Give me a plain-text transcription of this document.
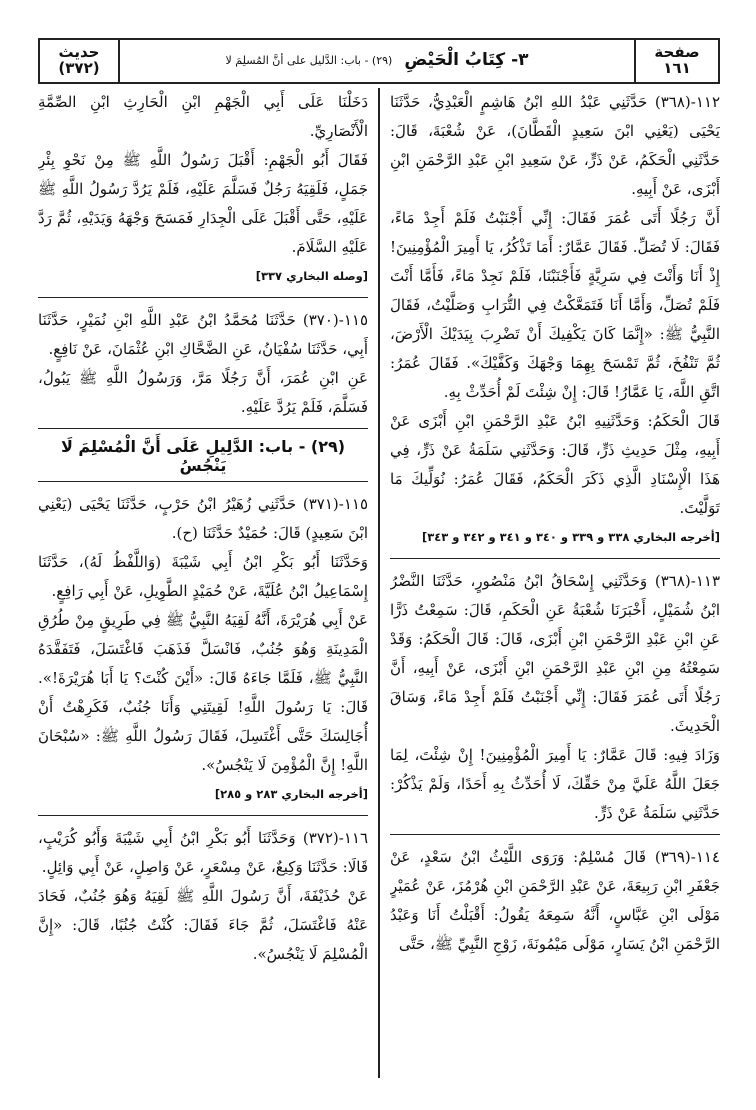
صفحة
١٦١
٣- كِتَابُ الْحَيْضِ
(٢٩) - باب: الدَّليل على أنَّ المُسلِمَ لا
حديث
(٣٧٢)

١١٢-(٣٦٨) حَدَّثَنِي عَبْدُ اللهِ ابْنُ هَاشِمٍ الْعَبْدِيُّ، حَدَّثَنَا يَحْيَى (يَعْنِي ابْنَ سَعِيدٍ الْقَطَّانَ)، عَنْ شُعْبَةَ، قَالَ: حَدَّثَنِي الْحَكَمُ، عَنْ ذَرٍّ، عَنْ سَعِيدِ ابْنِ عَبْدِ الرَّحْمَنِ ابْنِ أَبْزَى، عَنْ أَبِيهِ.

أَنَّ رَجُلًا أَتَى عُمَرَ فَقَالَ: إِنِّي أَجْنَبْتُ فَلَمْ أَجِدْ مَاءً، فَقَالَ: لَا تُصَلِّ. فَقَالَ عَمَّارٌ: أَمَا تَذْكُرُ، يَا أَمِيرَ الْمُؤْمِنِينَ! إِذْ أَنَا وَأَنْتَ فِي سَرِيَّةٍ فَأَجْنَبْنَا، فَلَمْ نَجِدْ مَاءً، فَأَمَّا أَنْتَ فَلَمْ تُصَلِّ، وَأَمَّا أَنَا فَتَمَعَّكْتُ فِي التُّرَابِ وَصَلَّيْتُ، فَقَالَ النَّبِيُّ ﷺ: «إِنَّمَا كَانَ يَكْفِيكَ أَنْ تَضْرِبَ بِيَدَيْكَ الْأَرْضَ، ثُمَّ تَنْفُخَ، ثُمَّ تَمْسَحَ بِهِمَا وَجْهَكَ وَكَفَّيْكَ». فَقَالَ عُمَرُ: اتَّقِ اللَّهَ، يَا عَمَّارُ! قَالَ: إِنْ شِئْتَ لَمْ أُحَدِّثْ بِهِ.

قَالَ الْحَكَمُ: وَحَدَّثَنِيهِ ابْنُ عَبْدِ الرَّحْمَنِ ابْنِ أَبْزَى عَنْ أَبِيهِ، مِثْلَ حَدِيثِ ذَرٍّ، قَالَ: وَحَدَّثَنِي سَلَمَةُ عَنْ ذَرٍّ، فِي هَذَا الْإِسْنَادِ الَّذِي ذَكَرَ الْحَكَمُ، فَقَالَ عُمَرُ: نُوَلِّيكَ مَا تَوَلَّيْتَ.

[أخرجه البخاري ٣٣٨ و ٣٣٩ و ٣٤٠ و ٣٤١ و ٣٤٢ و ٣٤٣]

١١٣-(٣٦٨) وَحَدَّثَنِي إِسْحَاقُ ابْنُ مَنْصُورٍ، حَدَّثَنَا النَّضْرُ ابْنُ شُمَيْلٍ، أَخْبَرَنَا شُعْبَةُ عَنِ الْحَكَمِ، قَالَ: سَمِعْتُ ذَرًّا عَنِ ابْنِ عَبْدِ الرَّحْمَنِ ابْنِ أَبْزَى، قَالَ: قَالَ الْحَكَمُ: وَقَدْ سَمِعْتُهُ مِنِ ابْنِ عَبْدِ الرَّحْمَنِ ابْنِ أَبْزَى، عَنْ أَبِيهِ، أَنَّ رَجُلًا أَتَى عُمَرَ فَقَالَ: إِنِّي أَجْنَبْتُ فَلَمْ أَجِدْ مَاءً، وَسَاقَ الْحَدِيثَ.

وَزَادَ فِيهِ: قَالَ عَمَّارٌ: يَا أَمِيرَ الْمُؤْمِنِينَ! إِنْ شِئْتَ، لِمَا جَعَلَ اللَّهُ عَلَيَّ مِنْ حَقِّكَ، لَا أُحَدِّثُ بِهِ أَحَدًا، وَلَمْ يَذْكُرْ: حَدَّثَنِي سَلَمَةُ عَنْ ذَرٍّ.

١١٤-(٣٦٩) قَالَ مُسْلِمٌ: وَرَوَى اللَّيْثُ ابْنُ سَعْدٍ، عَنْ جَعْفَرِ ابْنِ رَبِيعَةَ، عَنْ عَبْدِ الرَّحْمَنِ ابْنِ هُرْمُزَ، عَنْ عُمَيْرٍ مَوْلَى ابْنِ عَبَّاسٍ، أَنَّهُ سَمِعَهُ يَقُولُ: أَقْبَلْتُ أَنَا وَعَبْدُ الرَّحْمَنِ ابْنُ يَسَارٍ، مَوْلَى مَيْمُونَةَ، زَوْجِ النَّبِيِّ ﷺ، حَتَّى

دَخَلْنَا عَلَى أَبِي الْجَهْمِ ابْنِ الْحَارِثِ ابْنِ الصِّمَّةِ الْأَنْصَارِيِّ.

فَقَالَ أَبُو الْجَهْمِ: أَقْبَلَ رَسُولُ اللَّهِ ﷺ مِنْ نَحْوِ بِئْرِ جَمَلٍ، فَلَقِيَهُ رَجُلٌ فَسَلَّمَ عَلَيْهِ، فَلَمْ يَرُدَّ رَسُولُ اللَّهِ ﷺ عَلَيْهِ، حَتَّى أَقْبَلَ عَلَى الْجِدَارِ فَمَسَحَ وَجْهَهُ وَيَدَيْهِ، ثُمَّ رَدَّ عَلَيْهِ السَّلَامَ.

[وصله البخاري ٣٣٧]

١١٥-(٣٧٠) حَدَّثَنَا مُحَمَّدُ ابْنُ عَبْدِ اللَّهِ ابْنِ نُمَيْرٍ، حَدَّثَنَا أَبِي، حَدَّثَنَا سُفْيَانُ، عَنِ الضَّحَّاكِ ابْنِ عُثْمَانَ، عَنْ نَافِعٍ.

عَنِ ابْنِ عُمَرَ، أَنَّ رَجُلًا مَرَّ، وَرَسُولُ اللَّهِ ﷺ يَبُولُ، فَسَلَّمَ، فَلَمْ يَرُدَّ عَلَيْهِ.

(٢٩) - باب: الدَّلِيلِ عَلَى أَنَّ الْمُسْلِمَ لَا يَنْجُسُ

١١٥-(٣٧١) حَدَّثَنِي زُهَيْرُ ابْنُ حَرْبٍ، حَدَّثَنَا يَحْيَى (يَعْنِي ابْنَ سَعِيدٍ) قَالَ: حُمَيْدٌ حَدَّثَنَا (ح).

وَحَدَّثَنَا أَبُو بَكْرِ ابْنُ أَبِي شَيْبَةَ (وَاللَّفْظُ لَهُ)، حَدَّثَنَا إِسْمَاعِيلُ ابْنُ عُلَيَّةَ، عَنْ حُمَيْدٍ الطَّوِيلِ، عَنْ أَبِي رَافِعٍ.

عَنْ أَبِي هُرَيْرَةَ، أَنَّهُ لَقِيَهُ النَّبِيُّ ﷺ فِي طَرِيقٍ مِنْ طُرُقِ الْمَدِينَةِ وَهُوَ جُنُبٌ، فَانْسَلَّ فَذَهَبَ فَاغْتَسَلَ، فَتَفَقَّدَهُ النَّبِيُّ ﷺ، فَلَمَّا جَاءَهُ قَالَ: «أَيْنَ كُنْتَ؟ يَا أَبَا هُرَيْرَةَ!». قَالَ: يَا رَسُولَ اللَّهِ! لَقِيتَنِي وَأَنَا جُنُبٌ، فَكَرِهْتُ أَنْ أُجَالِسَكَ حَتَّى أَغْتَسِلَ، فَقَالَ رَسُولُ اللَّهِ ﷺ: «سُبْحَانَ اللَّهِ! إِنَّ الْمُؤْمِنَ لَا يَنْجُسُ».

[أخرجه البخاري ٢٨٣ و ٢٨٥]

١١٦-(٣٧٢) وَحَدَّثَنَا أَبُو بَكْرِ ابْنُ أَبِي شَيْبَةَ وَأَبُو كُرَيْبٍ، قَالَا: حَدَّثَنَا وَكِيعٌ، عَنْ مِسْعَرٍ، عَنْ وَاصِلٍ، عَنْ أَبِي وَائِلٍ.

عَنْ حُذَيْفَةَ، أَنَّ رَسُولَ اللَّهِ ﷺ لَقِيَهُ وَهُوَ جُنُبٌ، فَحَادَ عَنْهُ فَاغْتَسَلَ، ثُمَّ جَاءَ فَقَالَ: كُنْتُ جُنُبًا، قَالَ: «إِنَّ الْمُسْلِمَ لَا يَنْجُسُ».
